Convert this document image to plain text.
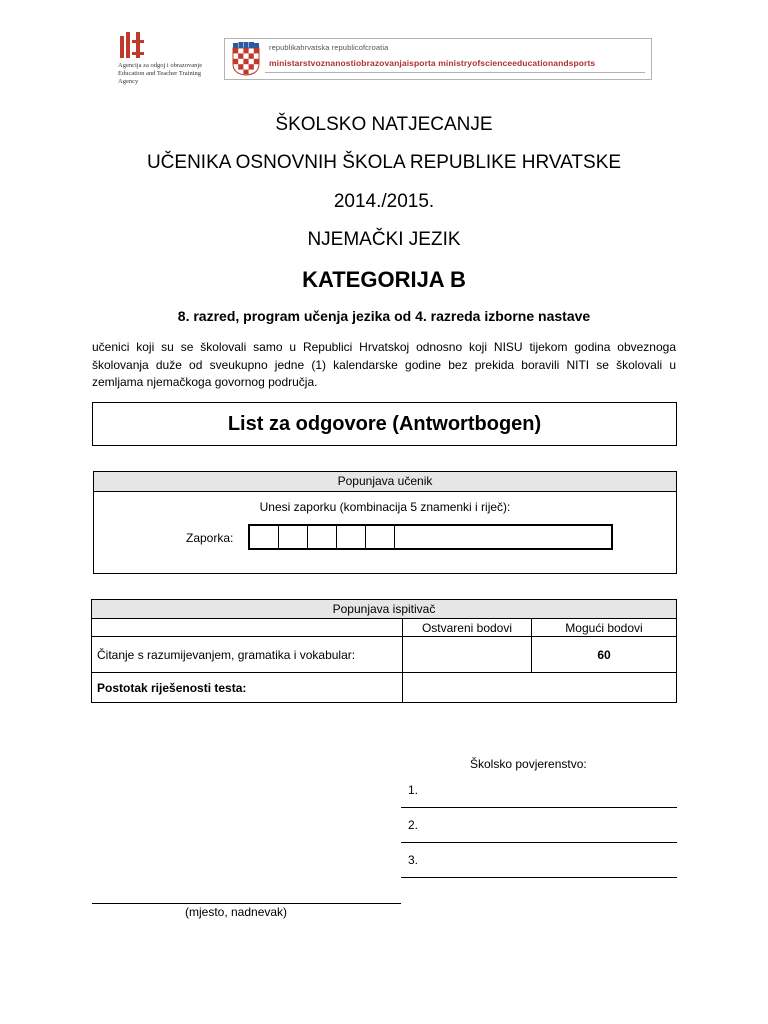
Agencija za odgoj i obrazovanje
Education and Teacher Training Agency
republikahrvatska republicofcroatia
ministarstvoznanostiobrazovanjaisporta ministryofscienceeducationandsports
ŠKOLSKO NATJECANJE
UČENIKA OSNOVNIH ŠKOLA REPUBLIKE HRVATSKE
2014./2015.
NJEMAČKI JEZIK
KATEGORIJA B
8. razred, program učenja jezika od 4. razreda izborne nastave
učenici koji su se školovali samo u Republici Hrvatskoj odnosno koji NISU tijekom godina obveznoga školovanja duže od sveukupno jedne (1) kalendarske godine bez prekida boravili NITI se školovali u zemljama njemačkoga govornog područja.
List za odgovore (Antwortbogen)
Popunjava učenik
Unesi zaporku (kombinacija 5 znamenki i riječ):
Zaporka:
Popunjava ispitivač		
	Ostvareni bodovi	Mogući bodovi
Čitanje s razumijevanjem, gramatika i vokabular:		60
Postotak riješenosti testa:		
Školsko povjerenstvo:
1.
2.
3.
(mjesto, nadnevak)
